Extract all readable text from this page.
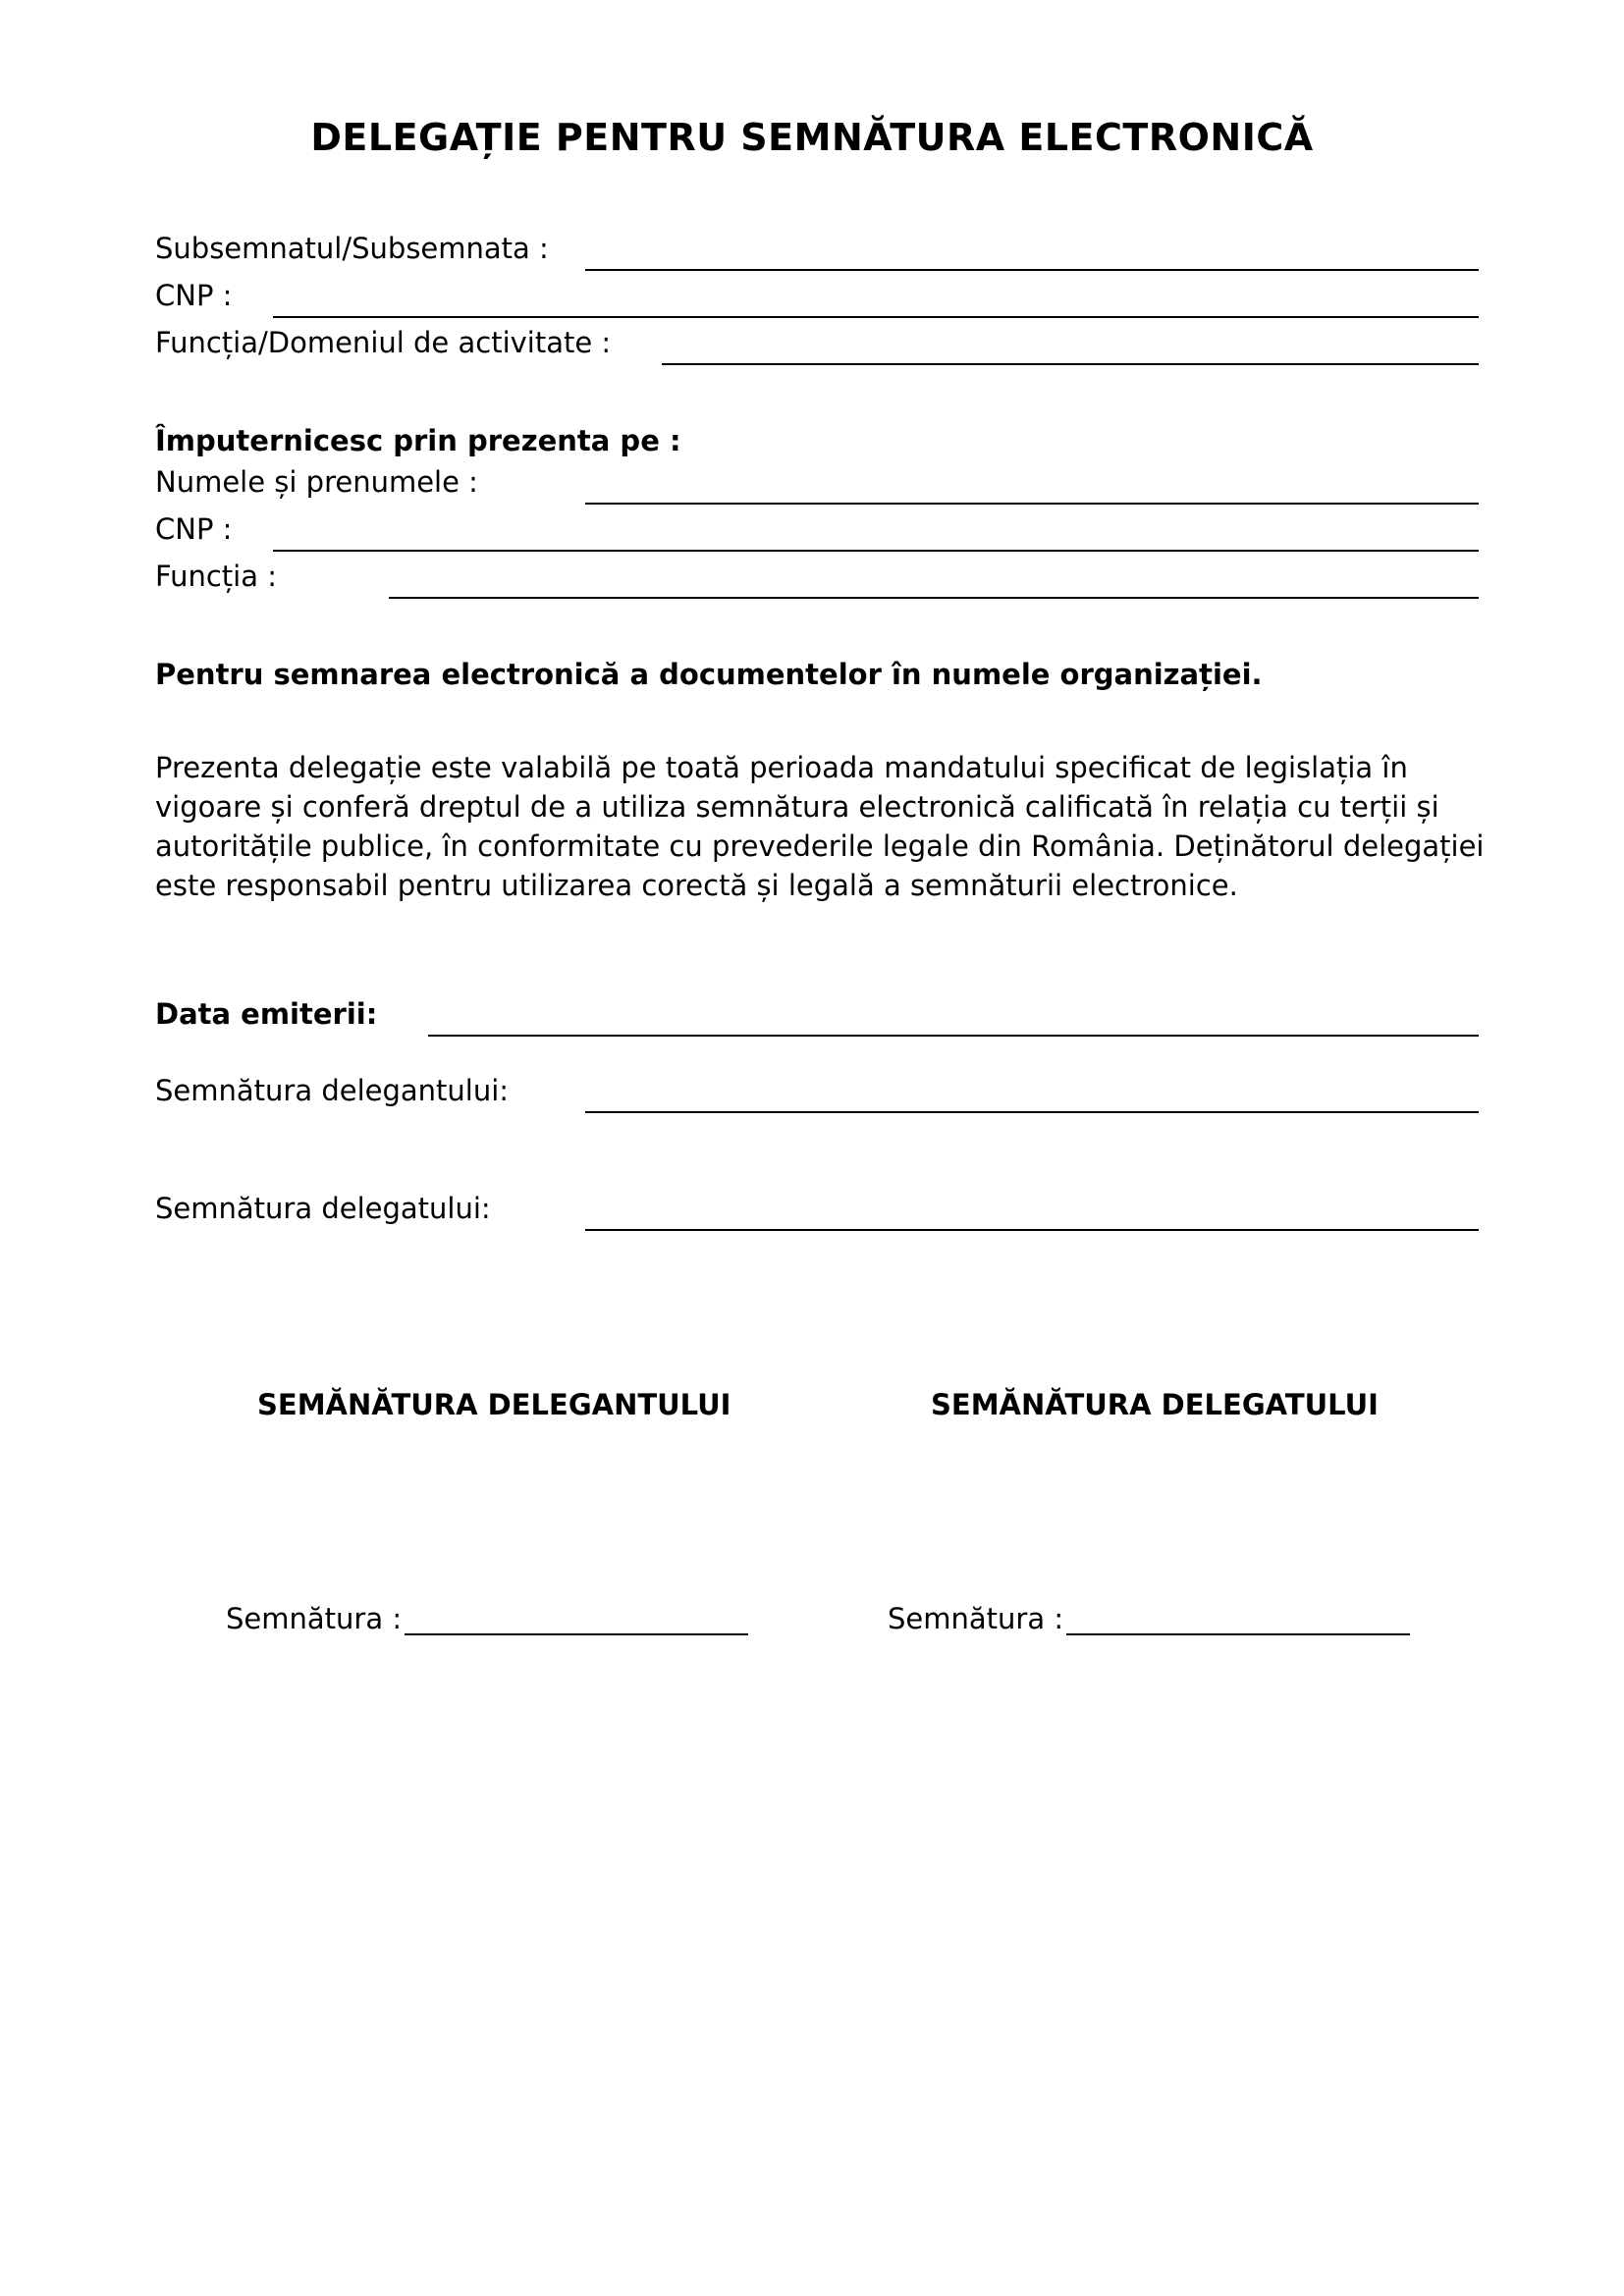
DELEGAȚIE PENTRU SEMNĂTURA ELECTRONICĂ
Subsemnatul/Subsemnata :
CNP :
Funcția/Domeniul de activitate :
Împuternicesc prin prezenta pe :
Numele și prenumele :
CNP :
Funcția :
Pentru semnarea electronică a documentelor în numele organizației.
Prezenta delegație este valabilă pe toată perioada mandatului specificat de legislația în vigoare și conferă dreptul de a utiliza semnătura electronică calificată în relația cu terții și autoritățile publice, în conformitate cu prevederile legale din România. Deținătorul delegației este responsabil pentru utilizarea corectă și legală a semnăturii electronice.
Data emiterii:
Semnătura delegantului:
Semnătura delegatului:
SEMĂNĂTURA DELEGANTULUI	SEMĂNĂTURA DELEGATULUI
Semnătura :	Semnătura :
